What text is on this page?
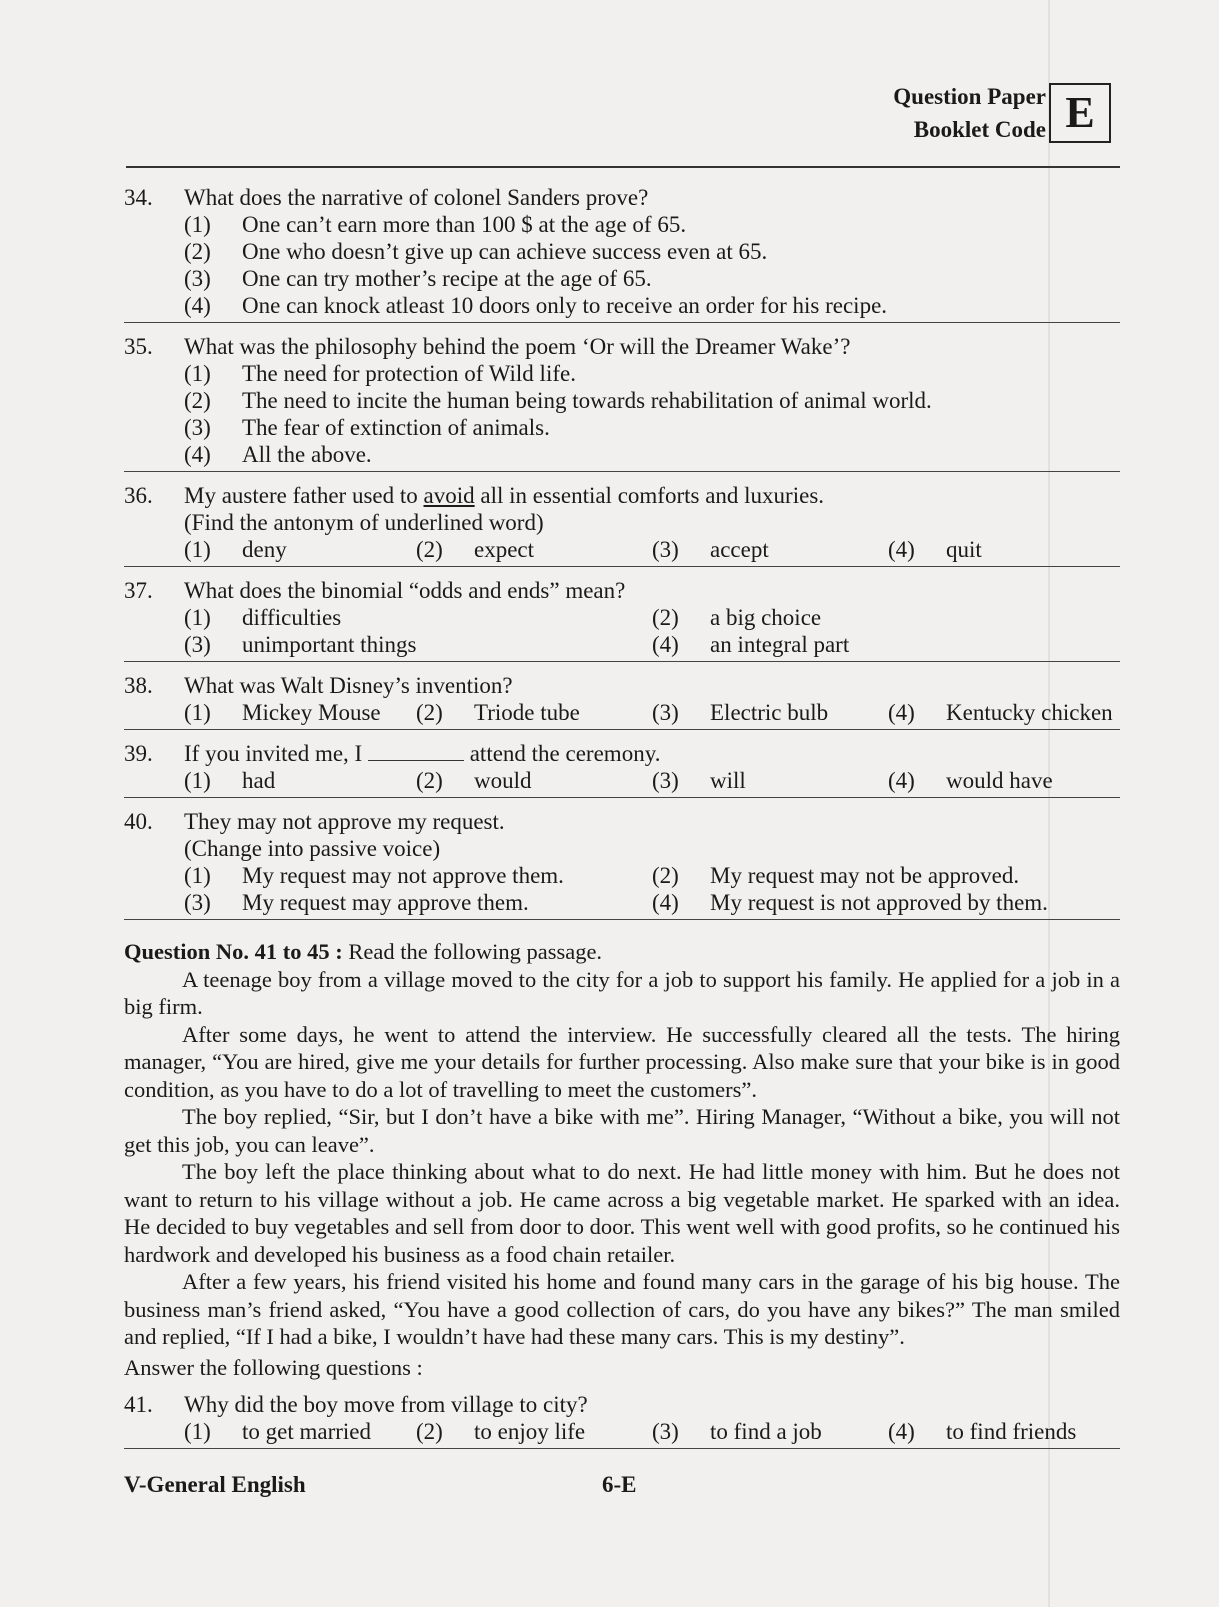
Question Paper
Booklet Code E
34.	What does the narrative of colonel Sanders prove?
(1)	One can’t earn more than 100 $ at the age of 65.
(2)	One who doesn’t give up can achieve success even at 65.
(3)	One can try mother’s recipe at the age of 65.
(4)	One can knock atleast 10 doors only to receive an order for his recipe.
35.	What was the philosophy behind the poem ‘Or will the Dreamer Wake’?
(1)	The need for protection of Wild life.
(2)	The need to incite the human being towards rehabilitation of animal world.
(3)	The fear of extinction of animals.
(4)	All the above.
36.	My austere father used to avoid all in essential comforts and luxuries.
(Find the antonym of underlined word)
(1)	deny	(2)	expect	(3)	accept	(4)	quit
37.	What does the binomial “odds and ends” mean?
(1)	difficulties	(2)	a big choice
(3)	unimportant things	(4)	an integral part
38.	What was Walt Disney’s invention?
(1)	Mickey Mouse (2)	Triode tube	(3)	Electric bulb	(4)	Kentucky chicken
39.	If you invited me, I	attend the ceremony.
(1)	had	(2)	would	(3)	will	(4)	would have
40.	They may not approve my request.
(Change into passive voice)
(1)	My request may not approve them.	(2)	My request may not be approved.
(3)	My request may approve them.	(4)	My request is not approved by them.

Question No. 41 to 45 : Read the following passage.

A teenage boy from a village moved to the city for a job to support his family. He applied for a job in a big firm.

After some days, he went to attend the interview. He successfully cleared all the tests. The hiring manager, “You are hired, give me your details for further processing. Also make sure that your bike is in good condition, as you have to do a lot of travelling to meet the customers”.

The boy replied, “Sir, but I don’t have a bike with me”. Hiring Manager, “Without a bike, you will not get this job, you can leave”.

The boy left the place thinking about what to do next. He had little money with him. But he does not want to return to his village without a job. He came across a big vegetable market. He sparked with an idea. He decided to buy vegetables and sell from door to door. This went well with good profits, so he continued his hardwork and developed his business as a food chain retailer.

After a few years, his friend visited his home and found many cars in the garage of his big house. The business man’s friend asked, “You have a good collection of cars, do you have any bikes?” The man smiled and replied, “If I had a bike, I wouldn’t have had these many cars. This is my destiny”.

Answer the following questions :

41.	Why did the boy move from village to city?
(1)	to get married (2)	to enjoy life	(3)	to find a job	(4)	to find friends
V-General English	6-E
